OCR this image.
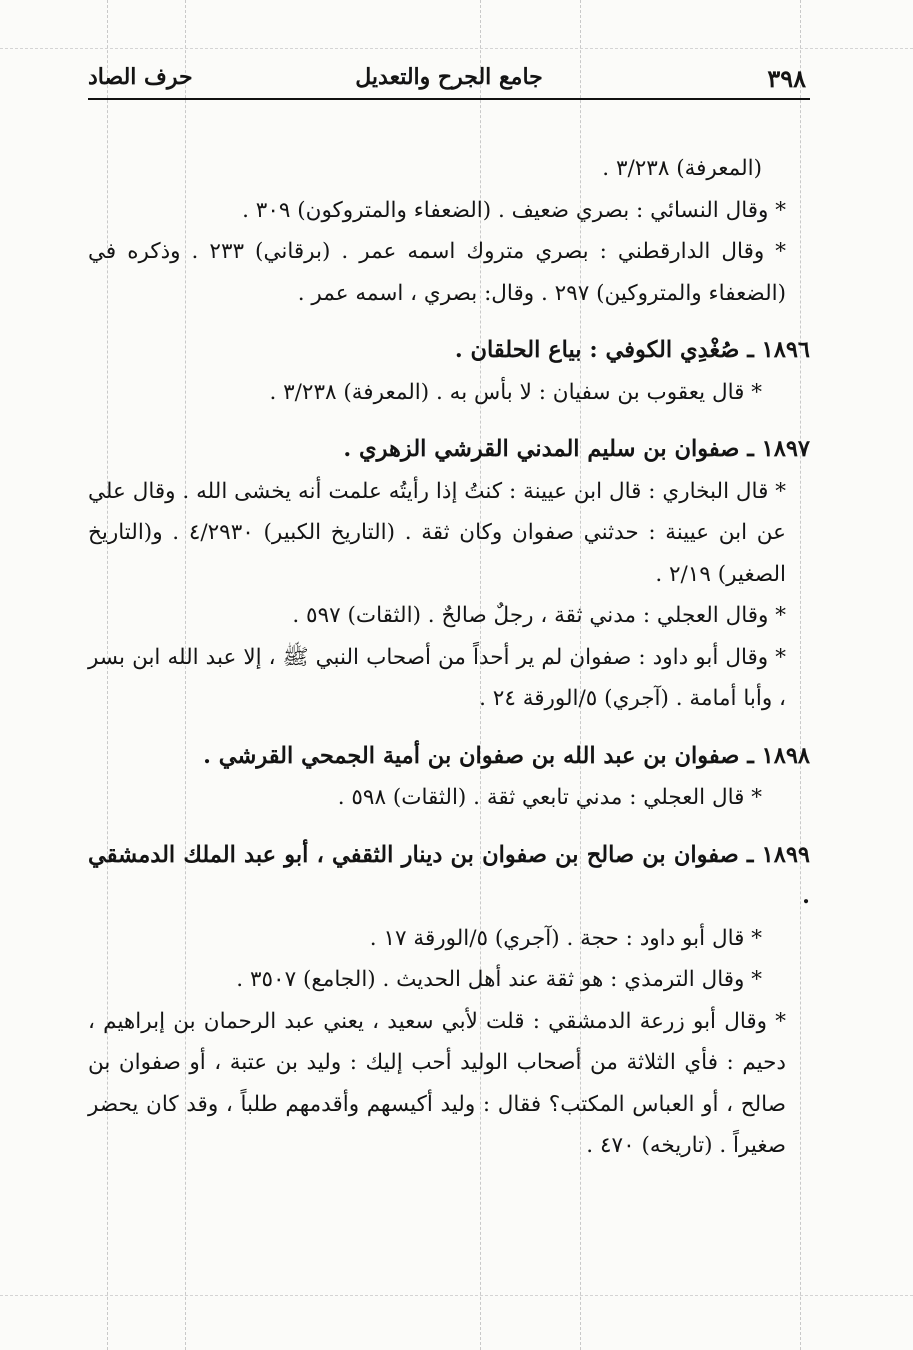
٣٩٨
جامع الجرح والتعديل
حرف الصاد

(المعرفة) ٣/٢٣٨ .

* وقال النسائي : بصري ضعيف . (الضعفاء والمتروكون) ٣٠٩ .

* وقال الدارقطني : بصري متروك اسمه عمر . (برقاني) ٢٣٣ . وذكره في (الضعفاء والمتروكين) ٢٩٧ . وقال: بصري ، اسمه عمر .

١٨٩٦ ـ صُغْدِي الكوفي : بياع الحلقان .

* قال يعقوب بن سفيان : لا بأس به . (المعرفة) ٣/٢٣٨ .

١٨٩٧ ـ صفوان بن سليم المدني القرشي الزهري .

* قال البخاري : قال ابن عيينة : كنتُ إذا رأيتُه علمت أنه يخشى الله . وقال علي عن ابن عيينة : حدثني صفوان وكان ثقة . (التاريخ الكبير) ٤/٢٩٣٠ . و(التاريخ الصغير) ٢/١٩ .

* وقال العجلي : مدني ثقة ، رجلٌ صالحٌ . (الثقات) ٥٩٧ .

* وقال أبو داود : صفوان لم ير أحداً من أصحاب النبي ﷺ ، إلا عبد الله ابن بسر ، وأبا أمامة . (آجري) ٥/الورقة ٢٤ .

١٨٩٨ ـ صفوان بن عبد الله بن صفوان بن أمية الجمحي القرشي .

* قال العجلي : مدني تابعي ثقة . (الثقات) ٥٩٨ .

١٨٩٩ ـ صفوان بن صالح بن صفوان بن دينار الثقفي ، أبو عبد الملك الدمشقي .

* قال أبو داود : حجة . (آجري) ٥/الورقة ١٧ .

* وقال الترمذي : هو ثقة عند أهل الحديث . (الجامع) ٣٥٠٧ .

* وقال أبو زرعة الدمشقي : قلت لأبي سعيد ، يعني عبد الرحمان بن إبراهيم ، دحيم : فأي الثلاثة من أصحاب الوليد أحب إليك : وليد بن عتبة ، أو صفوان بن صالح ، أو العباس المكتب؟ فقال : وليد أكيسهم وأقدمهم طلباً ، وقد كان يحضر صغيراً . (تاريخه) ٤٧٠ .
